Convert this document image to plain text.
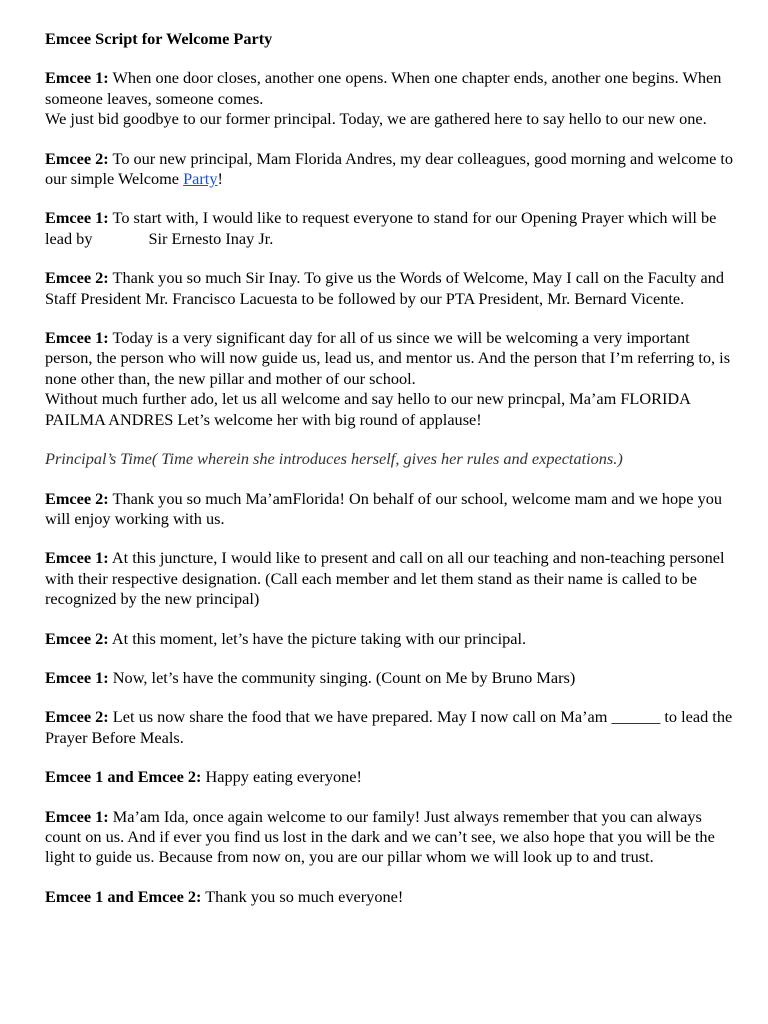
Emcee Script for Welcome Party
Emcee 1: When one door closes, another one opens. When one chapter ends, another one begins. When someone leaves, someone comes.
We just bid goodbye to our former principal. Today, we are gathered here to say hello to our new one.
Emcee 2: To our new principal, Mam Florida Andres, my dear colleagues, good morning and welcome to our simple Welcome Party!
Emcee 1: To start with, I would like to request everyone to stand for our Opening Prayer which will be lead by	Sir Ernesto Inay Jr.
Emcee 2: Thank you so much Sir Inay. To give us the Words of Welcome, May I call on the Faculty and Staff President Mr. Francisco Lacuesta to be followed by our PTA President, Mr. Bernard Vicente.
Emcee 1: Today is a very significant day for all of us since we will be welcoming a very important person, the person who will now guide us, lead us, and mentor us. And the person that I’m referring to, is none other than, the new pillar and mother of our school.
Without much further ado, let us all welcome and say hello to our new princpal, Ma’am FLORIDA PAILMA ANDRES Let’s welcome her with big round of applause!
Principal’s Time( Time wherein she introduces herself, gives her rules and expectations.)
Emcee 2: Thank you so much Ma’amFlorida! On behalf of our school, welcome mam and we hope you will enjoy working with us.
Emcee 1: At this juncture, I would like to present and call on all our teaching and non-teaching personel with their respective designation. (Call each member and let them stand as their name is called to be recognized by the new principal)
Emcee 2: At this moment, let’s have the picture taking with our principal.
Emcee 1: Now, let’s have the community singing. (Count on Me by Bruno Mars)
Emcee 2: Let us now share the food that we have prepared. May I now call on Ma’am ______ to lead the Prayer Before Meals.
Emcee 1 and Emcee 2: Happy eating everyone!
Emcee 1: Ma’am Ida, once again welcome to our family! Just always remember that you can always count on us. And if ever you find us lost in the dark and we can’t see, we also hope that you will be the light to guide us. Because from now on, you are our pillar whom we will look up to and trust.
Emcee 1 and Emcee 2: Thank you so much everyone!
